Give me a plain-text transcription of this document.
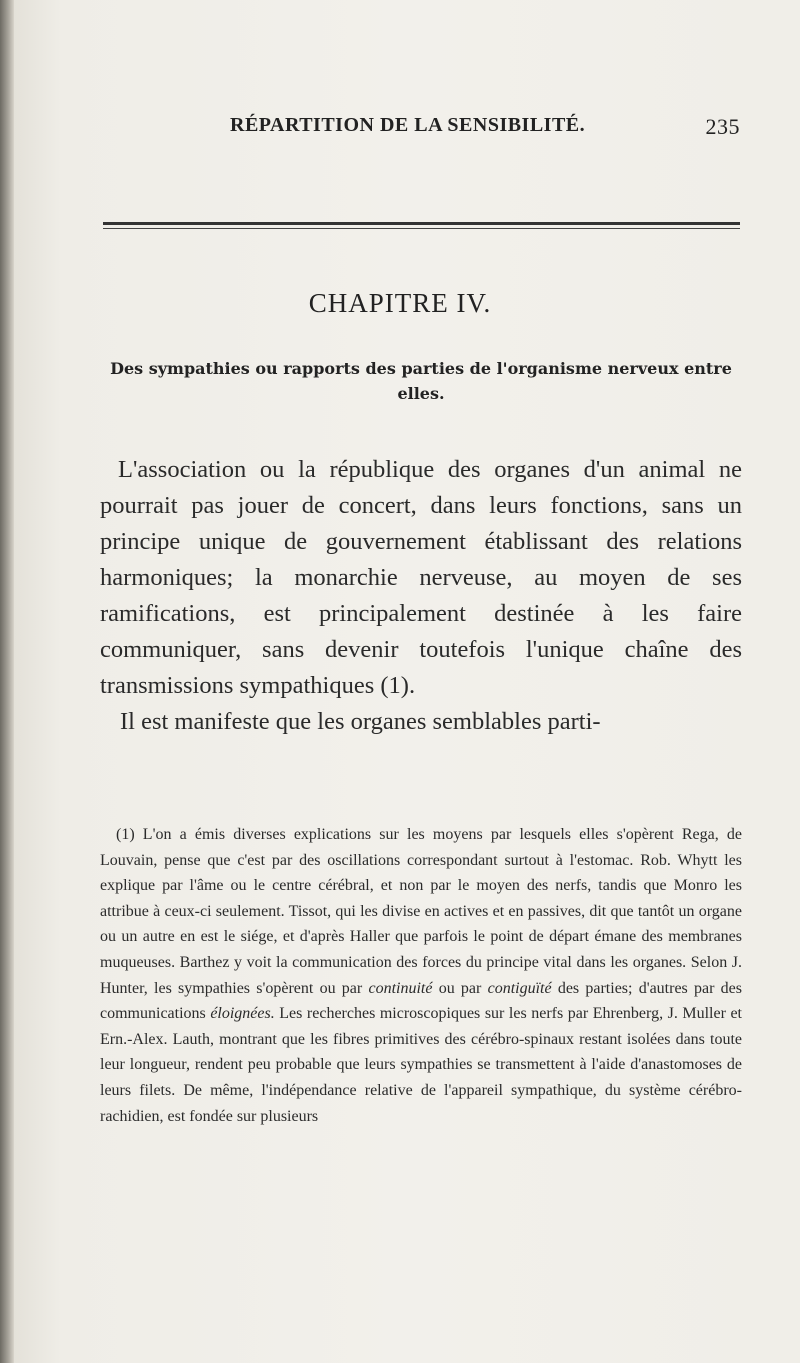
RÉPARTITION DE LA SENSIBILITÉ.	235
CHAPITRE IV.
Des sympathies ou rapports des parties de l'organisme nerveux entre elles.

L'association ou la république des organes d'un animal ne pourrait pas jouer de concert, dans leurs fonctions, sans un principe unique de gouvernement établissant des relations harmoniques; la monarchie nerveuse, au moyen de ses ramifications, est principalement destinée à les faire communiquer, sans devenir toutefois l'unique chaîne des transmissions sympathiques (1).

Il est manifeste que les organes semblables parti-

(1) L'on a émis diverses explications sur les moyens par lesquels elles s'opèrent Rega, de Louvain, pense que c'est par des oscillations correspondant surtout à l'estomac. Rob. Whytt les explique par l'âme ou le centre cérébral, et non par le moyen des nerfs, tandis que Monro les attribue à ceux-ci seulement. Tissot, qui les divise en actives et en passives, dit que tantôt un organe ou un autre en est le siége, et d'après Haller que parfois le point de départ émane des membranes muqueuses. Barthez y voit la communication des forces du principe vital dans les organes. Selon J. Hunter, les sympathies s'opèrent ou par continuité ou par contiguïté des parties; d'autres par des communications éloignées. Les recherches microscopiques sur les nerfs par Ehrenberg, J. Muller et Ern.-Alex. Lauth, montrant que les fibres primitives des cérébro-spinaux restant isolées dans toute leur longueur, rendent peu probable que leurs sympathies se transmettent à l'aide d'anastomoses de leurs filets. De même, l'indépendance relative de l'appareil sympathique, du système cérébro-rachidien, est fondée sur plusieurs
